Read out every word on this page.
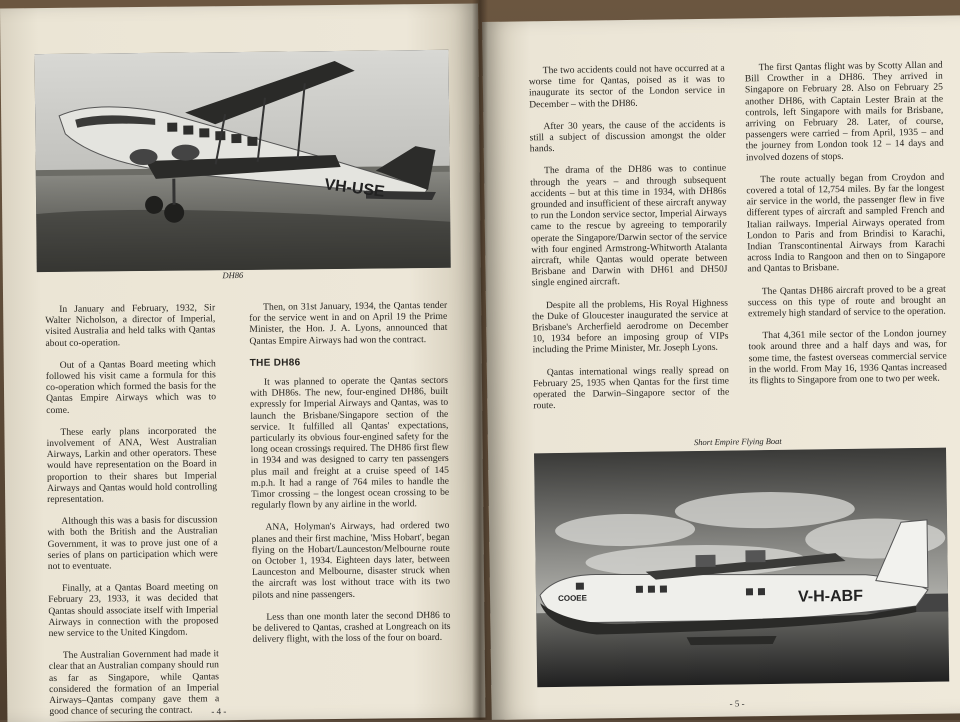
VH-USE
DH86

In January and February, 1932, Sir Walter Nicholson, a director of Imperial, visited Australia and held talks with Qantas about co-operation.

Out of a Qantas Board meeting which followed his visit came a formula for this co-operation which formed the basis for the Qantas Empire Airways which was to come.

These early plans incorporated the involvement of ANA, West Australian Airways, Larkin and other operators. These would have representation on the Board in proportion to their shares but Imperial Airways and Qantas would hold controlling representation.

Although this was a basis for discussion with both the British and the Australian Government, it was to prove just one of a series of plans on participation which were not to eventuate.

Finally, at a Qantas Board meeting on February 23, 1933, it was decided that Qantas should associate itself with Imperial Airways in connection with the proposed new service to the United Kingdom.

The Australian Government had made it clear that an Australian company should run as far as Singapore, while Qantas considered the formation of an Imperial Airways–Qantas company gave them a good chance of securing the contract.

Then, on 31st January, 1934, the Qantas tender for the service went in and on April 19 the Prime Minister, the Hon. J. A. Lyons, announced that Qantas Empire Airways had won the contract.

THE DH86

It was planned to operate the Qantas sectors with DH86s. The new, four-engined DH86, built expressly for Imperial Airways and Qantas, was to launch the Brisbane/Singapore section of the service. It fulfilled all Qantas' expectations, particularly its obvious four-engined safety for the long ocean crossings required. The DH86 first flew in 1934 and was designed to carry ten passengers plus mail and freight at a cruise speed of 145 m.p.h. It had a range of 764 miles to handle the Timor crossing – the longest ocean crossing to be regularly flown by any airline in the world.

ANA, Holyman's Airways, had ordered two planes and their first machine, 'Miss Hobart', began flying on the Hobart/Launceston/Melbourne route on October 1, 1934. Eighteen days later, between Launceston and Melbourne, disaster struck when the aircraft was lost without trace with its two pilots and nine passengers.

Less than one month later the second DH86 to be delivered to Qantas, crashed at Longreach on its delivery flight, with the loss of the four on board.

- 4 -

The two accidents could not have occurred at a worse time for Qantas, poised as it was to inaugurate its sector of the London service in December – with the DH86.

After 30 years, the cause of the accidents is still a subject of discussion amongst the older hands.

The drama of the DH86 was to continue through the years – and through subsequent accidents – but at this time in 1934, with DH86s grounded and insufficient of these aircraft anyway to run the London service sector, Imperial Airways came to the rescue by agreeing to temporarily operate the Singapore/Darwin sector of the service with four engined Armstrong-Whitworth Atalanta aircraft, while Qantas would operate between Brisbane and Darwin with DH61 and DH50J single engined aircraft.

Despite all the problems, His Royal Highness the Duke of Gloucester inaugurated the service at Brisbane's Archerfield aerodrome on December 10, 1934 before an imposing group of VIPs including the Prime Minister, Mr. Joseph Lyons.

Qantas international wings really spread on February 25, 1935 when Qantas for the first time operated the Darwin–Singapore sector of the route.

The first Qantas flight was by Scotty Allan and Bill Crowther in a DH86. They arrived in Singapore on February 28. Also on February 25 another DH86, with Captain Lester Brain at the controls, left Singapore with mails for Brisbane, arriving on February 28. Later, of course, passengers were carried – from April, 1935 – and the journey from London took 12 – 14 days and involved dozens of stops.

The route actually began from Croydon and covered a total of 12,754 miles. By far the longest air service in the world, the passenger flew in five different types of aircraft and sampled French and Italian railways. Imperial Airways operated from London to Paris and from Brindisi to Karachi, Indian Transcontinental Airways from Karachi across India to Rangoon and then on to Singapore and Qantas to Brisbane.

The Qantas DH86 aircraft proved to be a great success on this type of route and brought an extremely high standard of service to the operation.

That 4,361 mile sector of the London journey took around three and a half days and was, for some time, the fastest overseas commercial service in the world. From May 16, 1936 Qantas increased its flights to Singapore from one to two per week.

Short Empire Flying Boat
COOEE	V-H-ABF
- 5 -
